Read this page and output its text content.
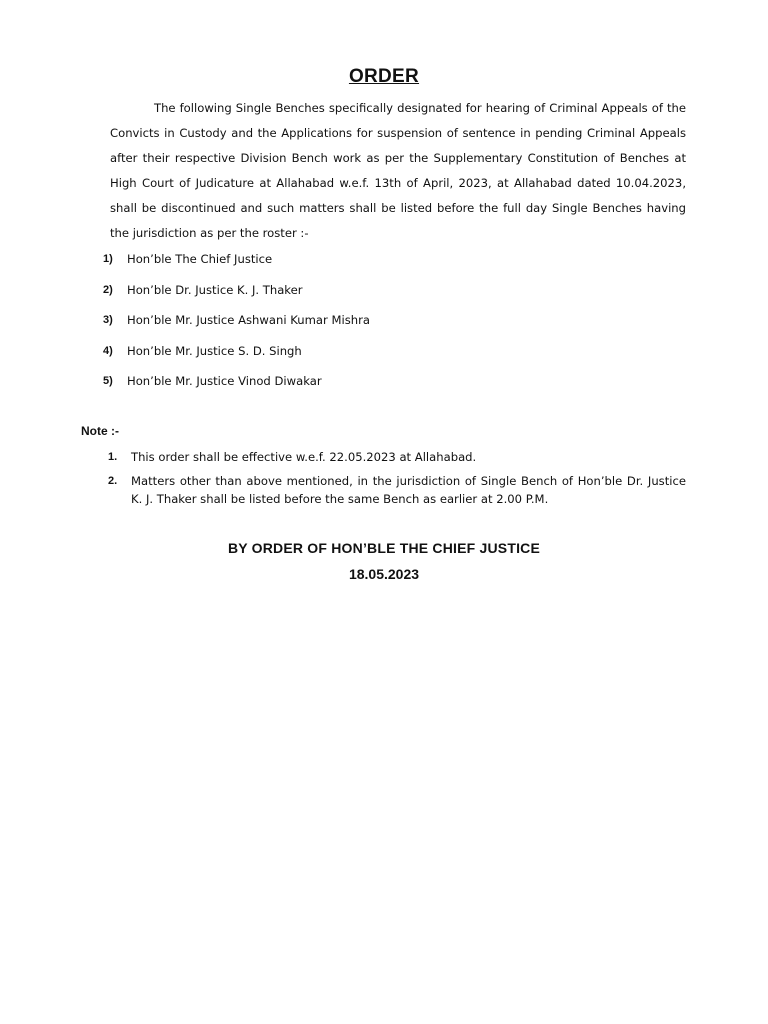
ORDER

The following Single Benches specifically designated for hearing of Criminal Appeals of the Convicts in Custody and the Applications for suspension of sentence in pending Criminal Appeals after their respective Division Bench work as per the Supplementary Constitution of Benches at High Court of Judicature at Allahabad w.e.f. 13th of April, 2023, at Allahabad dated 10.04.2023, shall be discontinued and such matters shall be listed before the full day Single Benches having the jurisdiction as per the roster :-

1)	Hon’ble The Chief Justice
2)	Hon’ble Dr. Justice K. J. Thaker
3)	Hon’ble Mr. Justice Ashwani Kumar Mishra
4)	Hon’ble Mr. Justice S. D. Singh
5)	Hon’ble Mr. Justice Vinod Diwakar
Note :-
1.	This order shall be effective w.e.f. 22.05.2023 at Allahabad.
2.	Matters other than above mentioned, in the jurisdiction of Single Bench of Hon’ble Dr. Justice K. J. Thaker shall be listed before the same Bench as earlier at 2.00 P.M.
BY ORDER OF HON’BLE THE CHIEF JUSTICE
18.05.2023
